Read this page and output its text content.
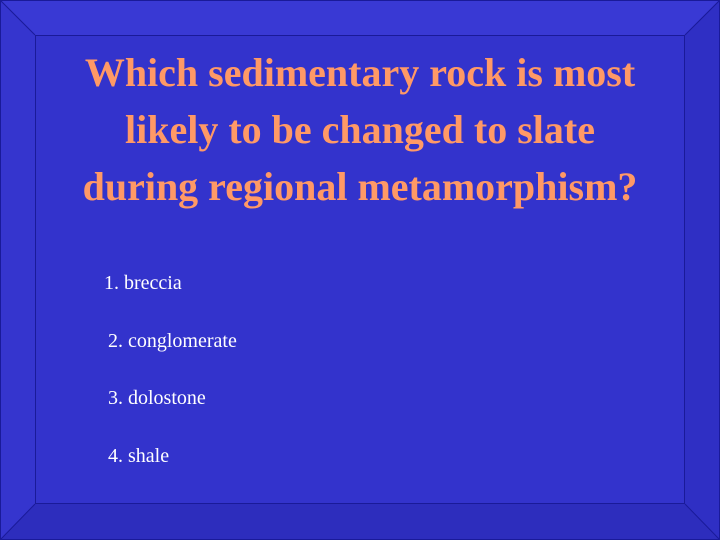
Which sedimentary rock is most
likely to be changed to slate
during regional metamorphism?
1. breccia
2. conglomerate
3. dolostone
4. shale
